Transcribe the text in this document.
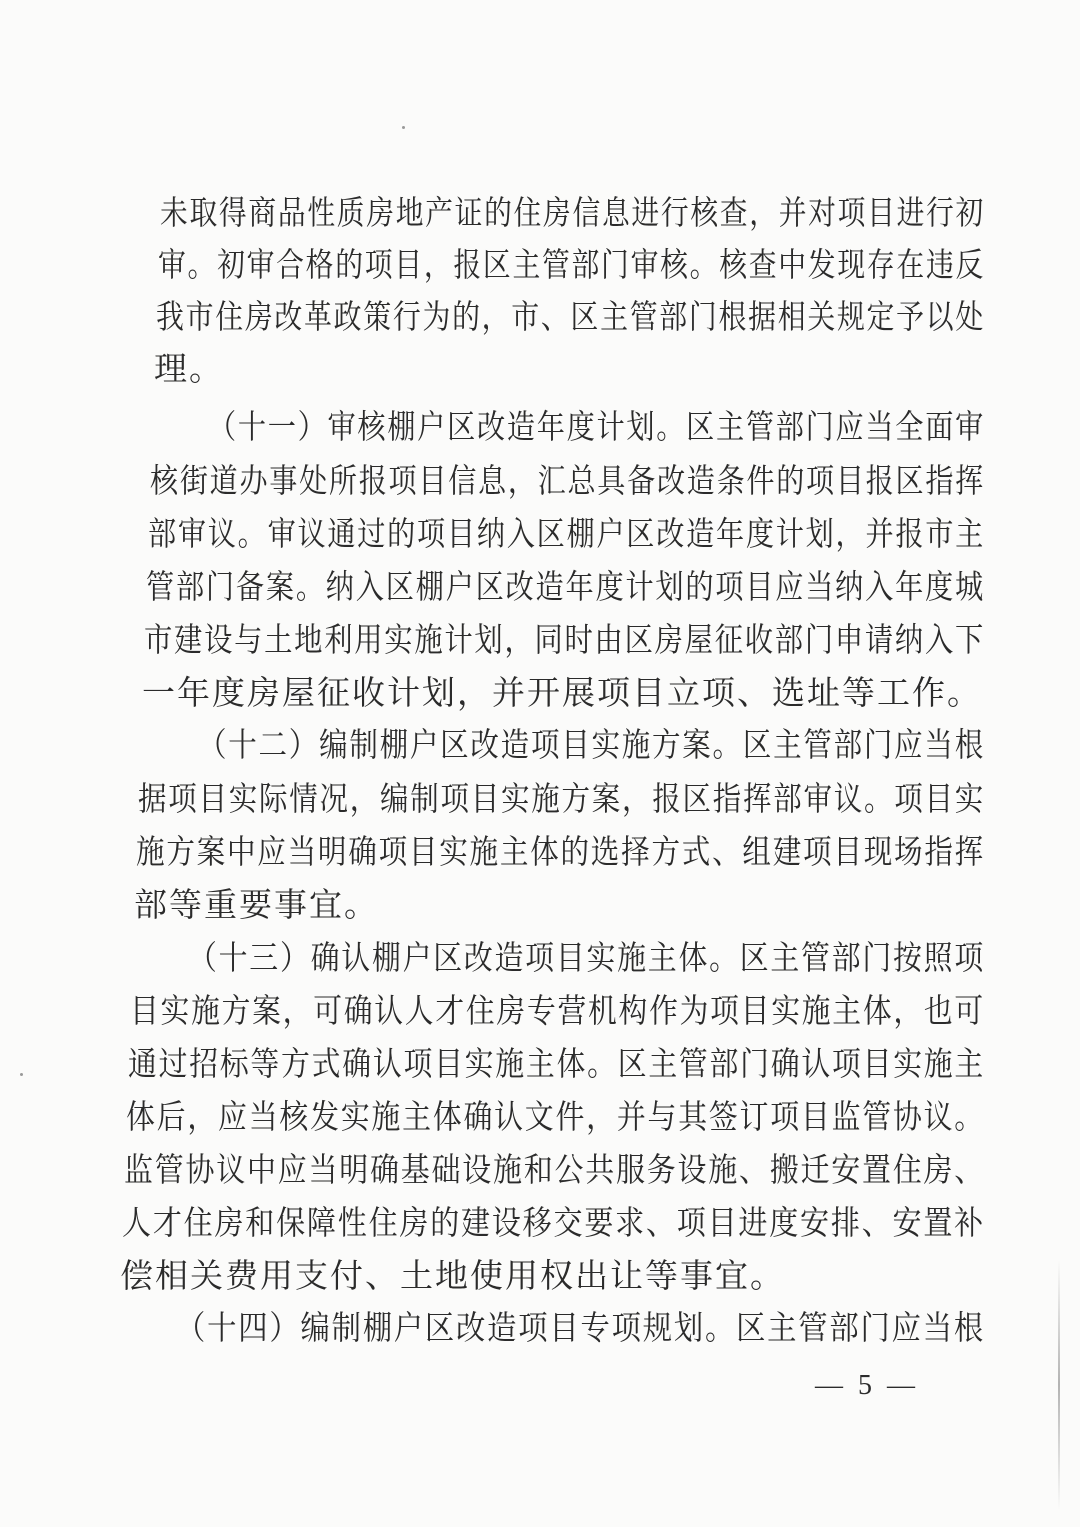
未取得商品性质房地产证的住房信息进行核查，并对项目进行初
审。初审合格的项目，报区主管部门审核。核查中发现存在违反
我市住房改革政策行为的，市、区主管部门根据相关规定予以处
理。
（十一）审核棚户区改造年度计划。区主管部门应当全面审
核街道办事处所报项目信息，汇总具备改造条件的项目报区指挥
部审议。审议通过的项目纳入区棚户区改造年度计划，并报市主
管部门备案。纳入区棚户区改造年度计划的项目应当纳入年度城
市建设与土地利用实施计划，同时由区房屋征收部门申请纳入下
一年度房屋征收计划，并开展项目立项、选址等工作。
（十二）编制棚户区改造项目实施方案。区主管部门应当根
据项目实际情况，编制项目实施方案，报区指挥部审议。项目实
施方案中应当明确项目实施主体的选择方式、组建项目现场指挥
部等重要事宜。
（十三）确认棚户区改造项目实施主体。区主管部门按照项
目实施方案，可确认人才住房专营机构作为项目实施主体，也可
通过招标等方式确认项目实施主体。区主管部门确认项目实施主
体后，应当核发实施主体确认文件，并与其签订项目监管协议。
监管协议中应当明确基础设施和公共服务设施、搬迁安置住房、
人才住房和保障性住房的建设移交要求、项目进度安排、安置补
偿相关费用支付、土地使用权出让等事宜。
（十四）编制棚户区改造项目专项规划。区主管部门应当根
— 5 —
